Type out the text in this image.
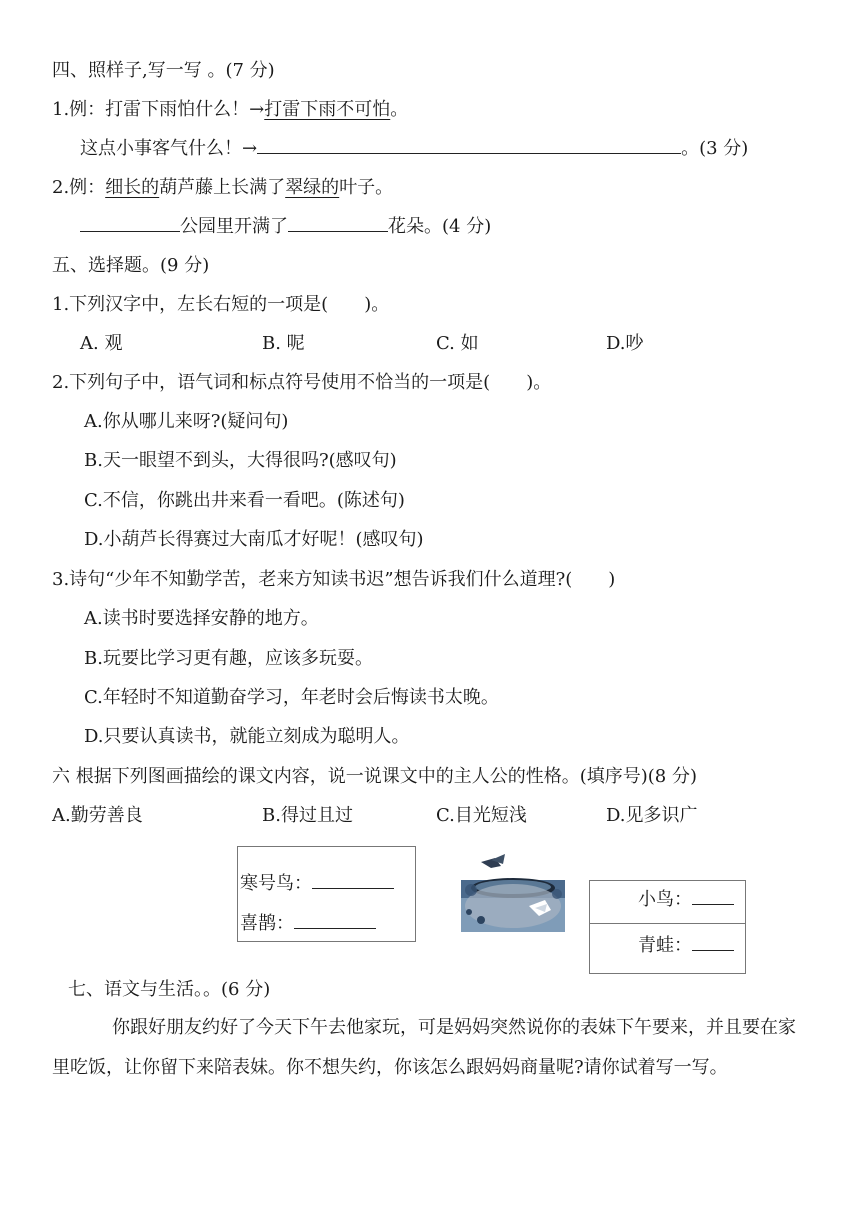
四、照样子,写一写 。(7 分)
1.例：打雷下雨怕什么！→打雷下雨不可怕。
这点小事客气什么！→	。(3 分)
2.例：细长的葫芦藤上长满了翠绿的叶子。
公园里开满了	花朵。(4 分)
五、选择题。(9 分)
1.下列汉字中，左长右短的一项是(　　)。
A. 观	B. 呢	C. 如	D.吵
2.下列句子中，语气词和标点符号使用不恰当的一项是(　　)。
A.你从哪儿来呀?(疑问句)
B.天一眼望不到头，大得很吗?(感叹句)
C.不信，你跳出井来看一看吧。(陈述句)
D.小葫芦长得赛过大南瓜才好呢！(感叹句)
3.诗句“少年不知勤学苦，老来方知读书迟”想告诉我们什么道理?(　　)
A.读书时要选择安静的地方。
B.玩要比学习更有趣，应该多玩耍。
C.年轻时不知道勤奋学习，年老时会后悔读书太晚。
D.只要认真读书，就能立刻成为聪明人。
六 根据下列图画描绘的课文内容，说一说课文中的主人公的性格。(填序号)(8 分)
A.勤劳善良	B.得过且过	C.目光短浅	D.见多识广
寒号鸟：
喜鹊：
小鸟：
青蛙：
七、语文与生活。。(6 分)
你跟好朋友约好了今天下午去他家玩，可是妈妈突然说你的表妹下午要来，并且要在家里吃饭，让你留下来陪表妹。你不想失约，你该怎么跟妈妈商量呢?请你试着写一写。
